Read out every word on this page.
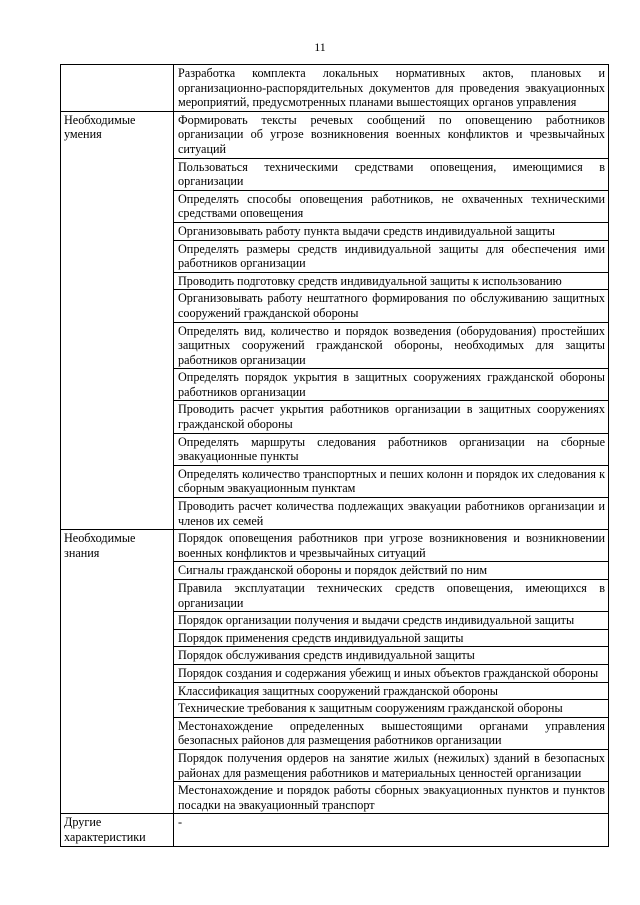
11
	Разработка комплекта локальных нормативных актов, плановых и организационно-распорядительных документов для проведения эвакуационных мероприятий, предусмотренных планами вышестоящих органов управления
Необходимые умения	Формировать тексты речевых сообщений по оповещению работников организации об угрозе возникновения военных конфликтов и чрезвычайных ситуаций
	Пользоваться техническими средствами оповещения, имеющимися в организации
	Определять способы оповещения работников, не охваченных техническими средствами оповещения
	Организовывать работу пункта выдачи средств индивидуальной защиты
	Определять размеры средств индивидуальной защиты для обеспечения ими работников организации
	Проводить подготовку средств индивидуальной защиты к использованию
	Организовывать работу нештатного формирования по обслуживанию защитных сооружений гражданской обороны
	Определять вид, количество и порядок возведения (оборудования) простейших защитных сооружений гражданской обороны, необходимых для защиты работников организации
	Определять порядок укрытия в защитных сооружениях гражданской обороны работников организации
	Проводить расчет укрытия работников организации в защитных сооружениях гражданской обороны
	Определять маршруты следования работников организации на сборные эвакуационные пункты
	Определять количество транспортных и пеших колонн и порядок их следования к сборным эвакуационным пунктам
	Проводить расчет количества подлежащих эвакуации работников организации и членов их семей
Необходимые знания	Порядок оповещения работников при угрозе возникновения и возникновении военных конфликтов и чрезвычайных ситуаций
	Сигналы гражданской обороны и порядок действий по ним
	Правила эксплуатации технических средств оповещения, имеющихся в организации
	Порядок организации получения и выдачи средств индивидуальной защиты
	Порядок применения средств индивидуальной защиты
	Порядок обслуживания средств индивидуальной защиты
	Порядок создания и содержания убежищ и иных объектов гражданской обороны
	Классификация защитных сооружений гражданской обороны
	Технические требования к защитным сооружениям гражданской обороны
	Местонахождение определенных вышестоящими органами управления безопасных районов для размещения работников организации
	Порядок получения ордеров на занятие жилых (нежилых) зданий в безопасных районах для размещения работников и материальных ценностей организации
	Местонахождение и порядок работы сборных эвакуационных пунктов и пунктов посадки на эвакуационный транспорт
Другие характеристики	-
